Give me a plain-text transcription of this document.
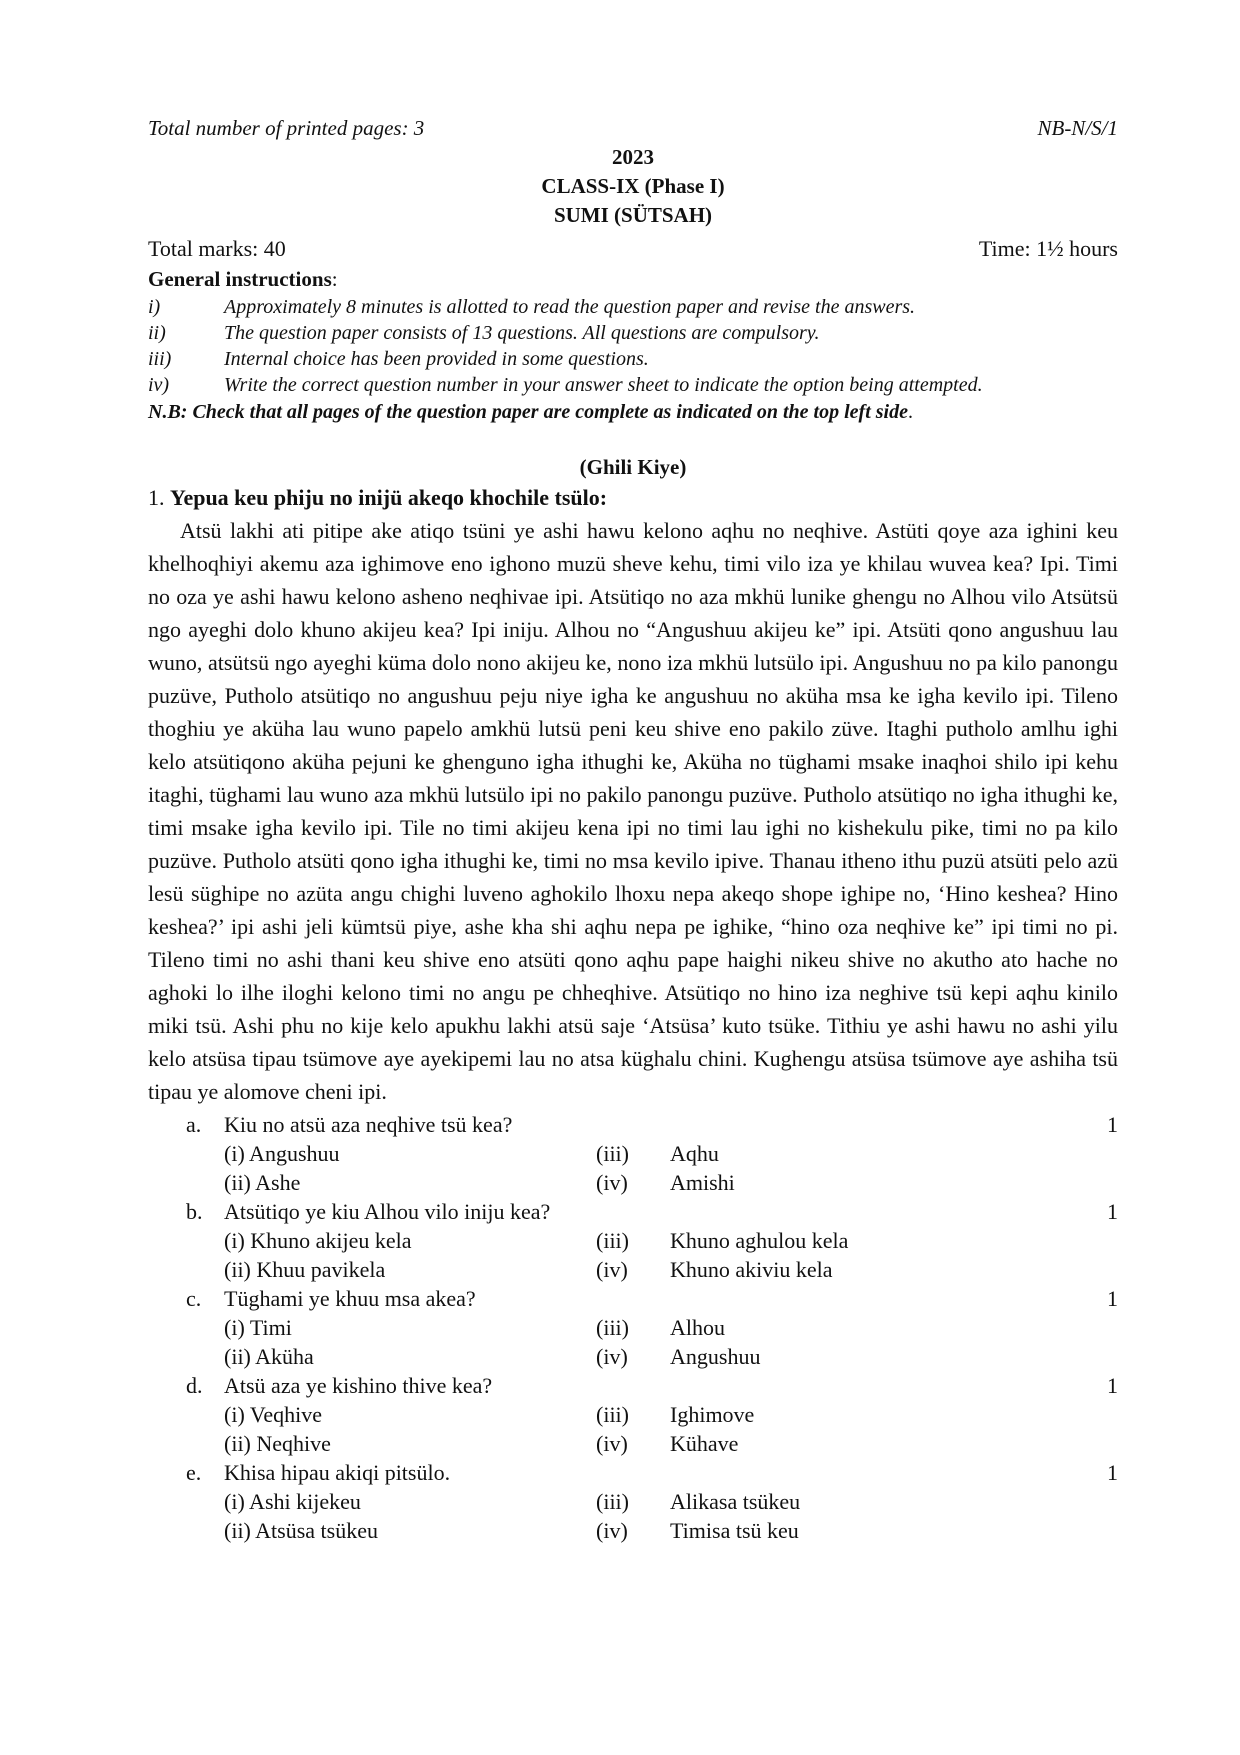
Total number of printed pages: 3	NB-N/S/1
2023
CLASS-IX (Phase I)
SUMI (SÜTSAH)
Total marks: 40	Time: 1½ hours
General instructions:
i)	Approximately 8 minutes is allotted to read the question paper and revise the answers.
ii)	The question paper consists of 13 questions. All questions are compulsory.
iii)	Internal choice has been provided in some questions.
iv)	Write the correct question number in your answer sheet to indicate the option being attempted.
N.B: Check that all pages of the question paper are complete as indicated on the top left side.
(Ghili Kiye)
1. Yepua keu phiju no inijü akeqo khochile tsülo:

Atsü lakhi ati pitipe ake atiqo tsüni ye ashi hawu kelono aqhu no neqhive. Astüti qoye aza ighini keu khelhoqhiyi akemu aza ighimove eno ighono muzü sheve kehu, timi vilo iza ye khilau wuvea kea? Ipi. Timi no oza ye ashi hawu kelono asheno neqhivae ipi. Atsütiqo no aza mkhü lunike ghengu no Alhou vilo Atsütsü ngo ayeghi dolo khuno akijeu kea? Ipi iniju. Alhou no “Angushuu akijeu ke” ipi. Atsüti qono angushuu lau wuno, atsütsü ngo ayeghi küma dolo nono akijeu ke, nono iza mkhü lutsülo ipi. Angushuu no pa kilo panongu puzüve, Putholo atsütiqo no angushuu peju niye igha ke angushuu no aküha msa ke igha kevilo ipi. Tileno thoghiu ye aküha lau wuno papelo amkhü lutsü peni keu shive eno pakilo züve. Itaghi putholo amlhu ighi kelo atsütiqono aküha pejuni ke ghenguno igha ithughi ke, Aküha no tüghami msake inaqhoi shilo ipi kehu itaghi, tüghami lau wuno aza mkhü lutsülo ipi no pakilo panongu puzüve. Putholo atsütiqo no igha ithughi ke, timi msake igha kevilo ipi. Tile no timi akijeu kena ipi no timi lau ighi no kishekulu pike, timi no pa kilo puzüve. Putholo atsüti qono igha ithughi ke, timi no msa kevilo ipive. Thanau itheno ithu puzü atsüti pelo azü lesü süghipe no azüta angu chighi luveno aghokilo lhoxu nepa akeqo shope ighipe no, ‘Hino keshea? Hino keshea?’ ipi ashi jeli kümtsü piye, ashe kha shi aqhu nepa pe ighike, “hino oza neqhive ke” ipi timi no pi. Tileno timi no ashi thani keu shive eno atsüti qono aqhu pape haighi nikeu shive no akutho ato hache no aghoki lo ilhe iloghi kelono timi no angu pe chheqhive. Atsütiqo no hino iza neghive tsü kepi aqhu kinilo miki tsü. Ashi phu no kije kelo apukhu lakhi atsü saje ‘Atsüsa’ kuto tsüke. Tithiu ye ashi hawu no ashi yilu kelo atsüsa tipau tsümove aye ayekipemi lau no atsa küghalu chini. Kughengu atsüsa tsümove aye ashiha tsü tipau ye alomove cheni ipi.

a.	Kiu no atsü aza neqhive tsü kea?	1
(i) Angushuu	(iii)	Aqhu
(ii) Ashe	(iv)	Amishi
b. Atsütiqo ye kiu Alhou vilo iniju kea?	1
(i) Khuno akijeu kela	(iii)	Khuno aghulou kela
(ii) Khuu pavikela	(iv)	Khuno akiviu kela
c.	Tüghami ye khuu msa akea?	1
(i) Timi	(iii)	Alhou
(ii) Aküha	(iv)	Angushuu
d. Atsü aza ye kishino thive kea?	1
(i) Veqhive	(iii)	Ighimove
(ii) Neqhive	(iv)	Kühave
e.	Khisa hipau akiqi pitsülo.	1
(i) Ashi kijekeu	(iii)	Alikasa tsükeu
(ii) Atsüsa tsükeu	(iv)	Timisa tsü keu
